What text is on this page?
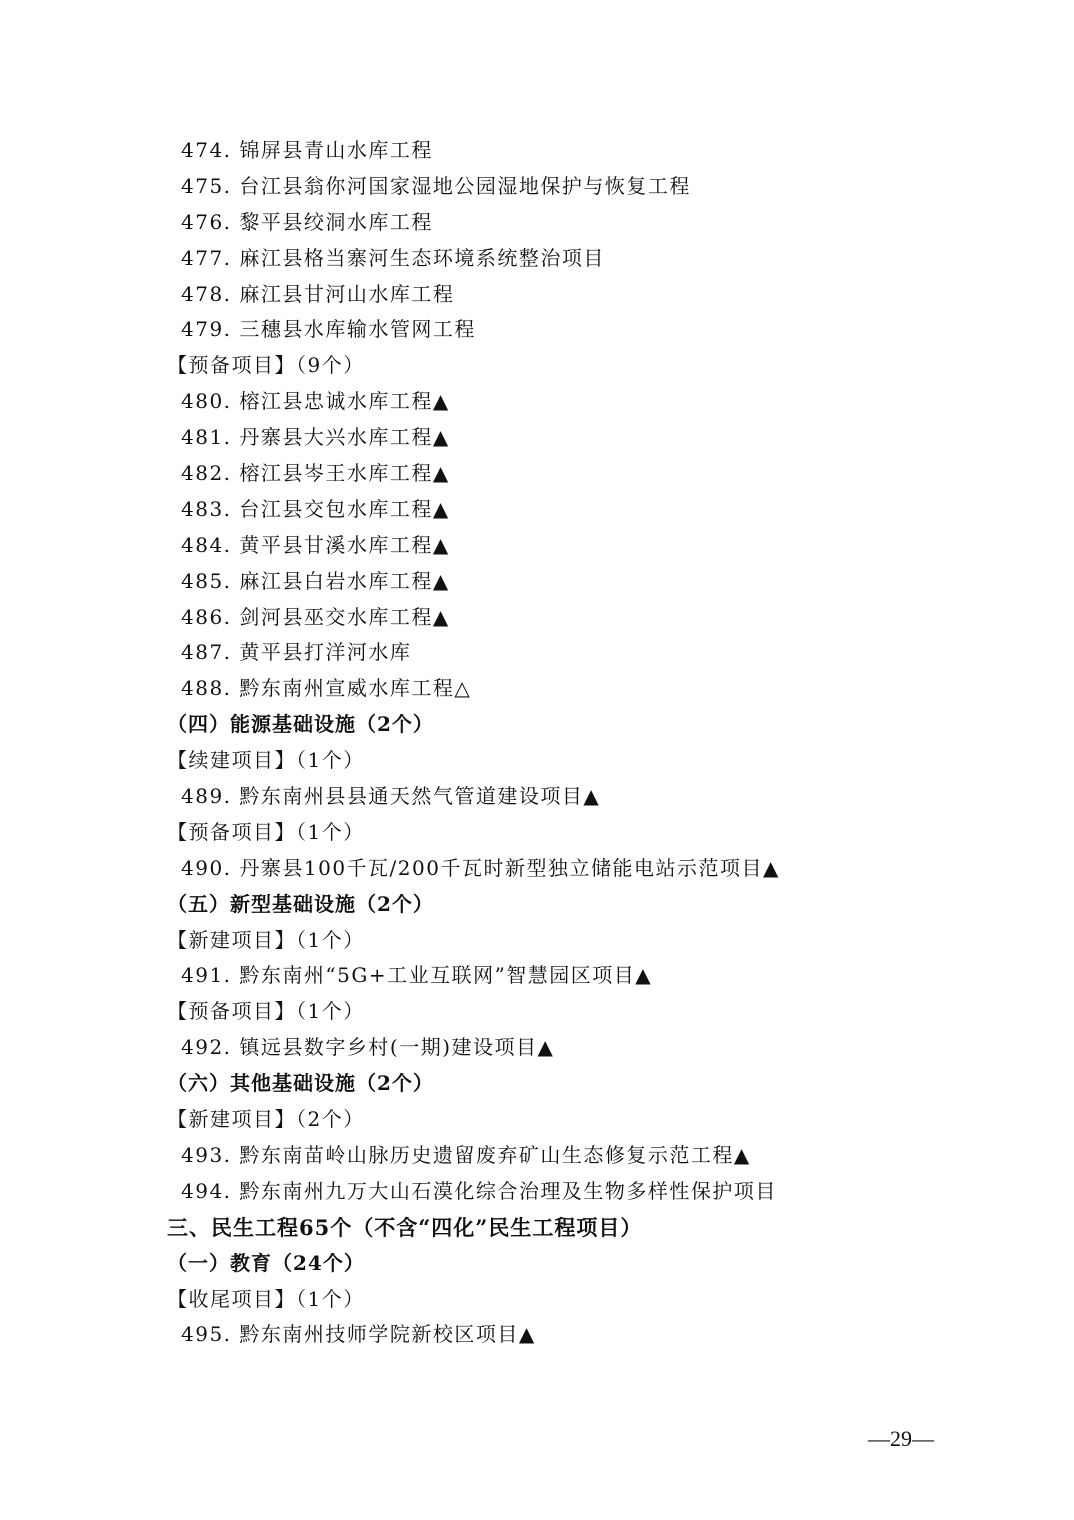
474. 锦屏县青山水库工程
475. 台江县翁你河国家湿地公园湿地保护与恢复工程
476. 黎平县绞洞水库工程
477. 麻江县格当寨河生态环境系统整治项目
478. 麻江县甘河山水库工程
479. 三穗县水库输水管网工程
【预备项目】（9个）
480. 榕江县忠诚水库工程▲
481. 丹寨县大兴水库工程▲
482. 榕江县岑王水库工程▲
483. 台江县交包水库工程▲
484. 黄平县甘溪水库工程▲
485. 麻江县白岩水库工程▲
486. 剑河县巫交水库工程▲
487. 黄平县打洋河水库
488. 黔东南州宣威水库工程△
（四）能源基础设施（2个）
【续建项目】（1个）
489. 黔东南州县县通天然气管道建设项目▲
【预备项目】（1个）
490. 丹寨县100千瓦/200千瓦时新型独立储能电站示范项目▲
（五）新型基础设施（2个）
【新建项目】（1个）
491. 黔东南州“5G+工业互联网”智慧园区项目▲
【预备项目】（1个）
492. 镇远县数字乡村(一期)建设项目▲
（六）其他基础设施（2个）
【新建项目】（2个）
493. 黔东南苗岭山脉历史遗留废弃矿山生态修复示范工程▲
494. 黔东南州九万大山石漠化综合治理及生物多样性保护项目
三、民生工程65个（不含“四化”民生工程项目）
（一）教育（24个）
【收尾项目】（1个）
495. 黔东南州技师学院新校区项目▲
—29—
